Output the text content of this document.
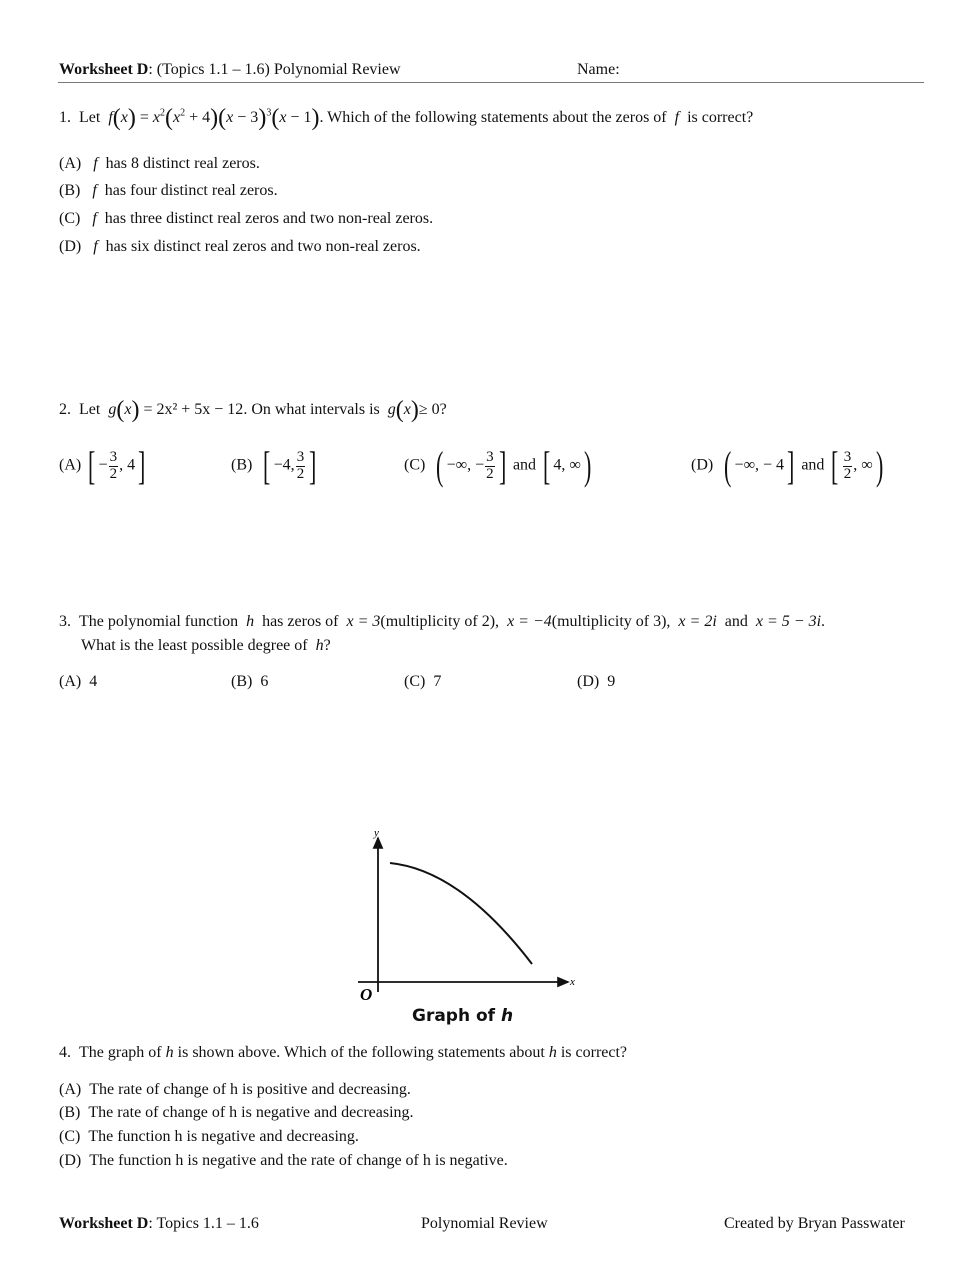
Worksheet D: (Topics 1.1 – 1.6) Polynomial Review	Name:
1. Let $f(x) = x^2(x^2 + 4)(x - 3)^3(x - 1)$. Which of the following statements about the zeros of f is correct?
(A) f has 8 distinct real zeros.
(B) f has four distinct real zeros.
(C) f has three distinct real zeros and two non-real zeros.
(D) f has six distinct real zeros and two non-real zeros.
2. Let g(x) = 2x² + 5x − 12. On what intervals is g(x)≥ 0?
(A) [ − $\frac{3}{2}$ , 4]	(B) [ −4, $\frac{3}{2}$ ]	(C) ( −∞, − $\frac{3}{2}$ ] and [ 4, ∞)	(D) ( −∞, − 4] and [ $\frac{3}{2}$ , ∞)
3. The polynomial function h has zeros of x = 3(multiplicity of 2), x = −4(multiplicity of 3), x = 2i and x = 5 − 3i.
What is the least possible degree of h?
(A) 4	(B) 6	(C) 7	(D) 9
y
x
O
Graph of h
4. The graph of h is shown above. Which of the following statements about h is correct?
(A) The rate of change of h is positive and decreasing.
(B) The rate of change of h is negative and decreasing.
(C) The function h is negative and decreasing.
(D) The function h is negative and the rate of change of h is negative.
Worksheet D: Topics 1.1 – 1.6	Polynomial Review	Created by Bryan Passwater
